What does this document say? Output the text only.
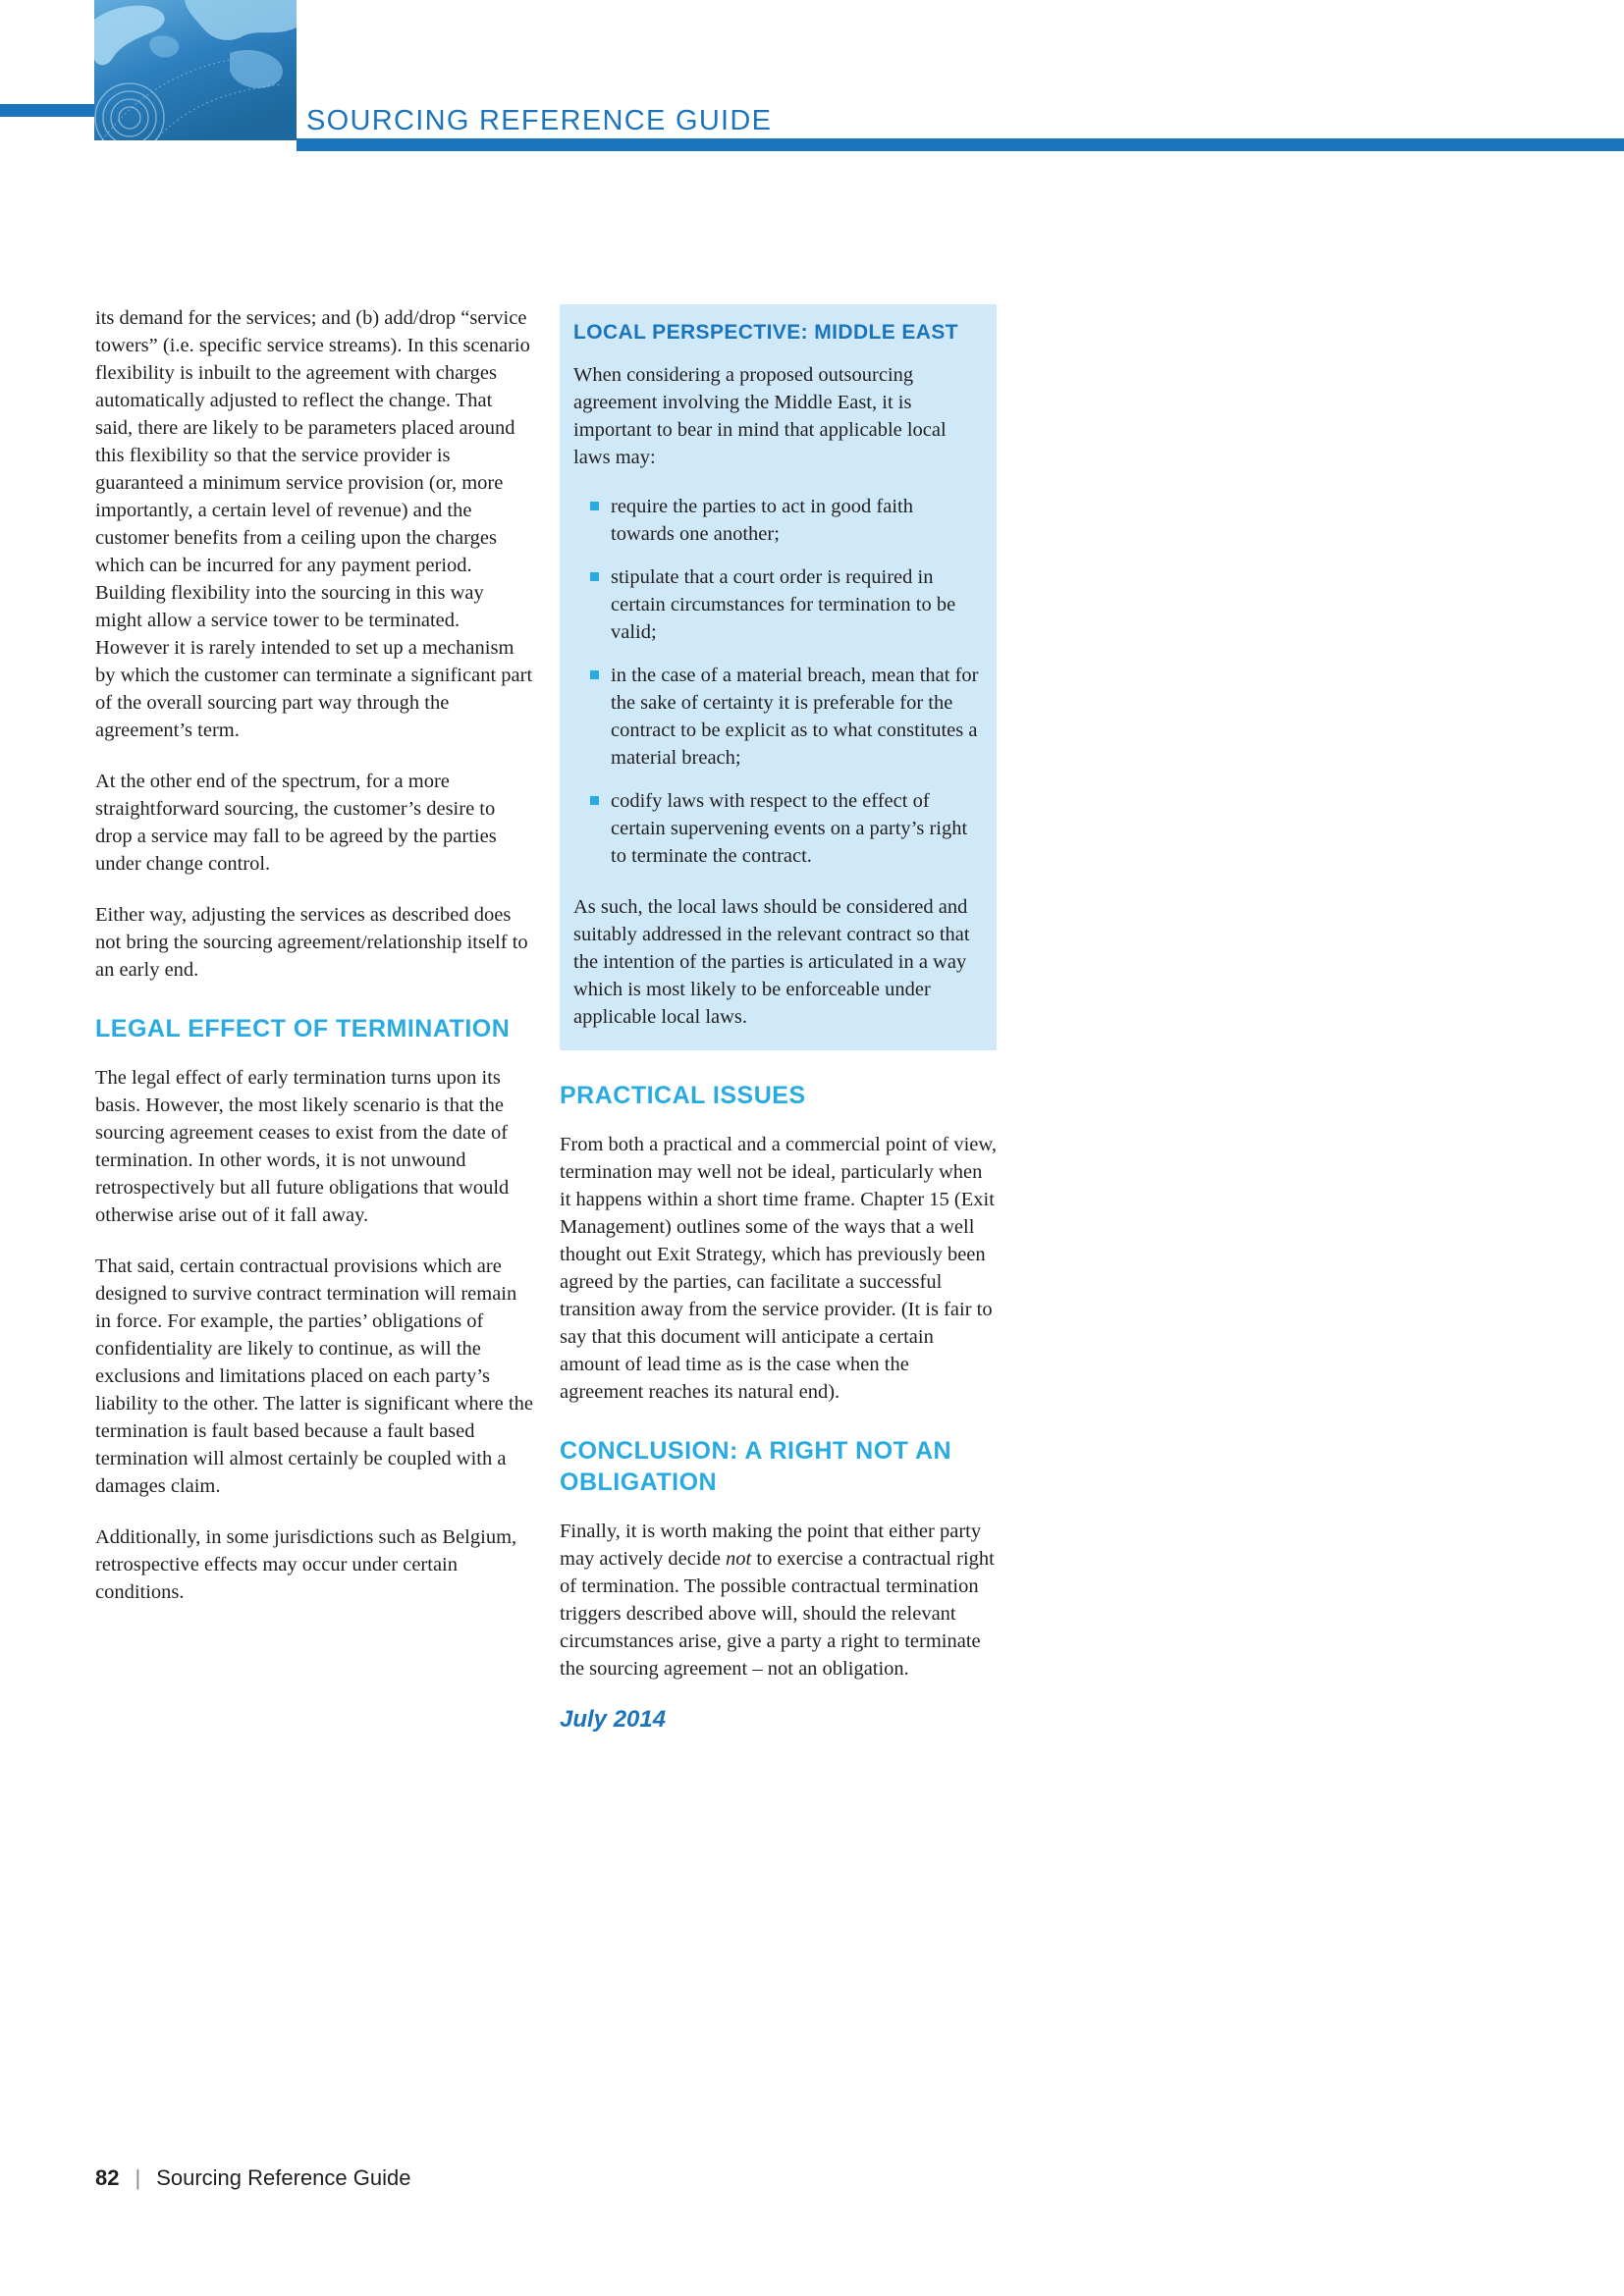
SOURCING REFERENCE GUIDE

its demand for the services; and (b) add/drop “service towers” (i.e. specific service streams). In this scenario flexibility is inbuilt to the agreement with charges automatically adjusted to reflect the change. That said, there are likely to be parameters placed around this flexibility so that the service provider is guaranteed a minimum service provision (or, more importantly, a certain level of revenue) and the customer benefits from a ceiling upon the charges which can be incurred for any payment period. Building flexibility into the sourcing in this way might allow a service tower to be terminated. However it is rarely intended to set up a mechanism by which the customer can terminate a significant part of the overall sourcing part way through the agreement’s term.

At the other end of the spectrum, for a more straightforward sourcing, the customer’s desire to drop a service may fall to be agreed by the parties under change control.

Either way, adjusting the services as described does not bring the sourcing agreement/relationship itself to an early end.

LEGAL EFFECT OF TERMINATION

The legal effect of early termination turns upon its basis. However, the most likely scenario is that the sourcing agreement ceases to exist from the date of termination. In other words, it is not unwound retrospectively but all future obligations that would otherwise arise out of it fall away.

That said, certain contractual provisions which are designed to survive contract termination will remain in force. For example, the parties’ obligations of confidentiality are likely to continue, as will the exclusions and limitations placed on each party’s liability to the other. The latter is significant where the termination is fault based because a fault based termination will almost certainly be coupled with a damages claim.

Additionally, in some jurisdictions such as Belgium, retrospective effects may occur under certain conditions.

LOCAL PERSPECTIVE: MIDDLE EAST

When considering a proposed outsourcing agreement involving the Middle East, it is important to bear in mind that applicable local laws may:

require the parties to act in good faith towards one another;
stipulate that a court order is required in certain circumstances for termination to be valid;
in the case of a material breach, mean that for the sake of certainty it is preferable for the contract to be explicit as to what constitutes a material breach;
codify laws with respect to the effect of certain supervening events on a party’s right to terminate the contract.

As such, the local laws should be considered and suitably addressed in the relevant contract so that the intention of the parties is articulated in a way which is most likely to be enforceable under applicable local laws.

PRACTICAL ISSUES

From both a practical and a commercial point of view, termination may well not be ideal, particularly when it happens within a short time frame. Chapter 15 (Exit Management) outlines some of the ways that a well thought out Exit Strategy, which has previously been agreed by the parties, can facilitate a successful transition away from the service provider. (It is fair to say that this document will anticipate a certain amount of lead time as is the case when the agreement reaches its natural end).

CONCLUSION: A RIGHT NOT AN OBLIGATION

Finally, it is worth making the point that either party may actively decide not to exercise a contractual right of termination. The possible contractual termination triggers described above will, should the relevant circumstances arise, give a party a right to terminate the sourcing agreement – not an obligation.

July 2014
82 | Sourcing Reference Guide
